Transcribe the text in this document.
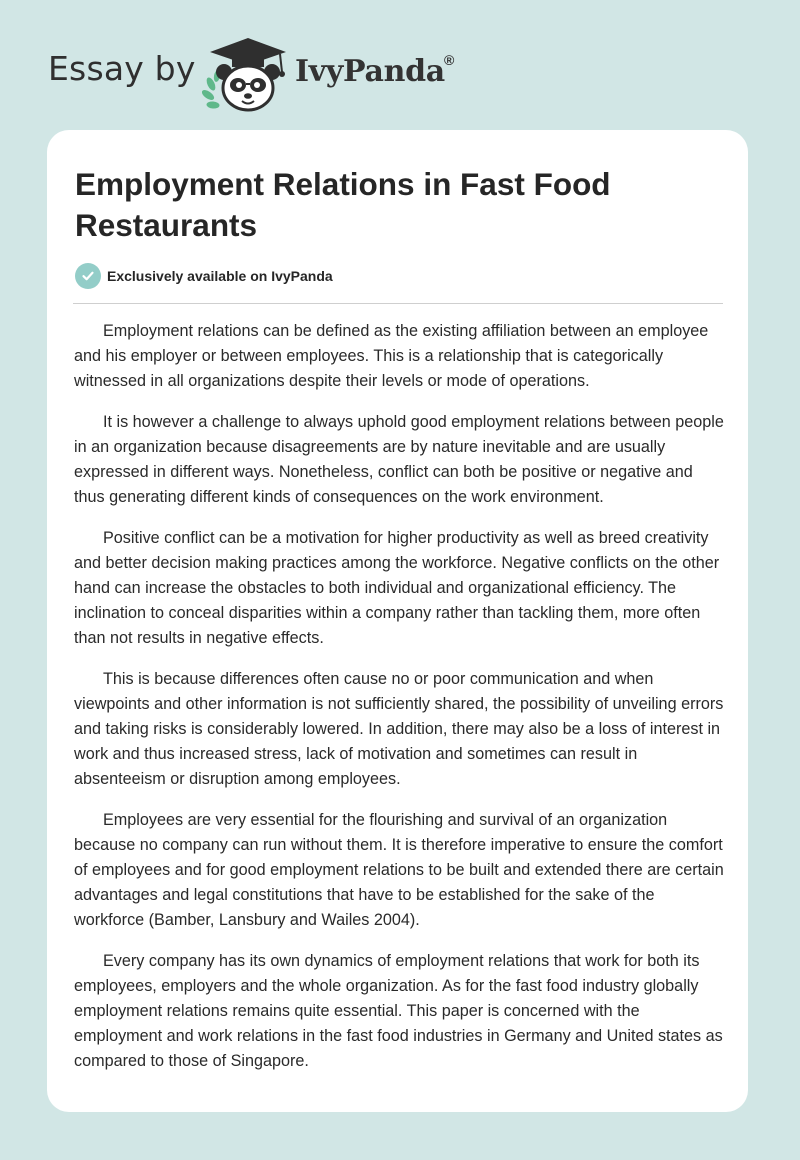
Essay by	IvyPanda ®
Employment Relations in Fast Food Restaurants
Exclusively available on IvyPanda

Employment relations can be defined as the existing affiliation between an employee and his employer or between employees. This is a relationship that is categorically witnessed in all organizations despite their levels or mode of operations.

It is however a challenge to always uphold good employment relations between people in an organization because disagreements are by nature inevitable and are usually expressed in different ways. Nonetheless, conflict can both be positive or negative and thus generating different kinds of consequences on the work environment.

Positive conflict can be a motivation for higher productivity as well as breed creativity and better decision making practices among the workforce. Negative conflicts on the other hand can increase the obstacles to both individual and organizational efficiency. The inclination to conceal disparities within a company rather than tackling them, more often than not results in negative effects.

This is because differences often cause no or poor communication and when viewpoints and other information is not sufficiently shared, the possibility of unveiling errors and taking risks is considerably lowered. In addition, there may also be a loss of interest in work and thus increased stress, lack of motivation and sometimes can result in absenteeism or disruption among employees.

Employees are very essential for the flourishing and survival of an organization because no company can run without them. It is therefore imperative to ensure the comfort of employees and for good employment relations to be built and extended there are certain advantages and legal constitutions that have to be established for the sake of the workforce (Bamber, Lansbury and Wailes 2004).

Every company has its own dynamics of employment relations that work for both its employees, employers and the whole organization. As for the fast food industry globally employment relations remains quite essential. This paper is concerned with the employment and work relations in the fast food industries in Germany and United states as compared to those of Singapore.
